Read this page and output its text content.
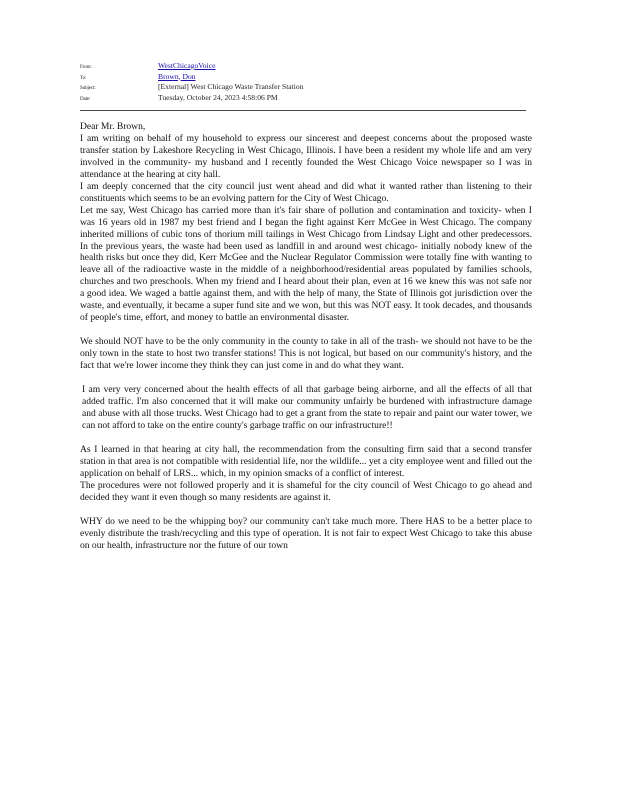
From:	WestChicagoVoice
To:	Brown, Don
Subject:	[External] West Chicago Waste Transfer Station
Date:	Tuesday, October 24, 2023 4:58:06 PM

Dear Mr. Brown,

I am writing on behalf of my household to express our sincerest and deepest concerns about the proposed waste transfer station by Lakeshore Recycling in West Chicago, Illinois. I have been a resident my whole life and am very involved in the community- my husband and I recently founded the West Chicago Voice newspaper so I was in attendance at the hearing at city hall.

I am deeply concerned that the city council just went ahead and did what it wanted rather than listening to their constituents which seems to be an evolving pattern for the City of West Chicago.

Let me say, West Chicago has carried more than it's fair share of pollution and contamination and toxicity- when I was 16 years old in 1987 my best friend and I began the fight against Kerr McGee in West Chicago. The company inherited millions of cubic tons of thorium mill tailings in West Chicago from Lindsay Light and other predecessors. In the previous years, the waste had been used as landfill in and around west chicago- initially nobody knew of the health risks but once they did, Kerr McGee and the Nuclear Regulator Commission were totally fine with wanting to leave all of the radioactive waste in the middle of a neighborhood/residential areas populated by families schools, churches and two preschools. When my friend and I heard about their plan, even at 16 we knew this was not safe nor a good idea. We waged a battle against them, and with the help of many, the State of Illinois got jurisdiction over the waste, and eventually, it became a super fund site and we won, but this was NOT easy. It took decades, and thousands of people's time, effort, and money to battle an environmental disaster.

We should NOT have to be the only community in the county to take in all of the trash- we should not have to be the only town in the state to host two transfer stations! This is not logical, but based on our community's history, and the fact that we're lower income they think they can just come in and do what they want.

I am very very concerned about the health effects of all that garbage being airborne, and all the effects of all that added traffic. I'm also concerned that it will make our community unfairly be burdened with infrastructure damage and abuse with all those trucks. West Chicago had to get a grant from the state to repair and paint our water tower, we can not afford to take on the entire county's garbage traffic on our infrastructure!!

As I learned in that hearing at city hall, the recommendation from the consulting firm said that a second transfer station in that area is not compatible with residential life, nor the wildlife... yet a city employee went and filled out the application on behalf of LRS... which, in my opinion smacks of a conflict of interest.

The procedures were not followed properly and it is shameful for the city council of West Chicago to go ahead and decided they want it even though so many residents are against it.

WHY do we need to be the whipping boy? our community can't take much more. There HAS to be a better place to evenly distribute the trash/recycling and this type of operation. It is not fair to expect West Chicago to take this abuse on our health, infrastructure nor the future of our town
